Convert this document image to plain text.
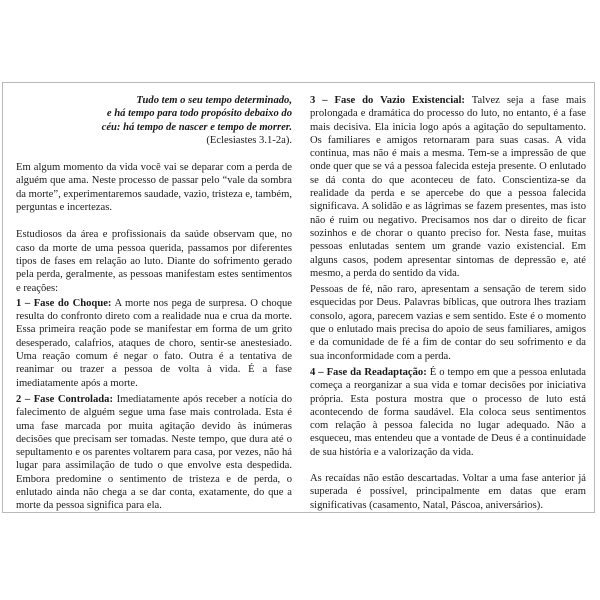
Tudo tem o seu tempo determinado,
e há tempo para todo propósito debaixo do
céu: há tempo de nascer e tempo de morrer.
(Eclesiastes 3.1-2a).

Em algum momento da vida você vai se deparar com a perda de alguém que ama. Neste processo de passar pelo “vale da sombra da morte”, experimentaremos saudade, vazio, tristeza e, também, perguntas e incertezas.

Estudiosos da área e profissionais da saúde observam que, no caso da morte de uma pessoa querida, passamos por diferentes tipos de fases em relação ao luto. Diante do sofrimento gerado pela perda, geralmente, as pessoas manifestam estes sentimentos e reações:

1 – Fase do Choque: A morte nos pega de surpresa. O choque resulta do confronto direto com a realidade nua e crua da morte. Essa primeira reação pode se manifestar em forma de um grito desesperado, calafrios, ataques de choro, sentir-se anestesiado. Uma reação comum é negar o fato. Outra é a tentativa de reanimar ou trazer a pessoa de volta à vida. É a fase imediatamente após a morte.

2 – Fase Controlada: Imediatamente após receber a notícia do falecimento de alguém segue uma fase mais controlada. Esta é uma fase marcada por muita agitação devido às inúmeras decisões que precisam ser tomadas. Neste tempo, que dura até o sepultamento e os parentes voltarem para casa, por vezes, não há lugar para assimilação de tudo o que envolve esta despedida. Embora predomine o sentimento de tristeza e de perda, o enlutado ainda não chega a se dar conta, exatamente, do que a morte da pessoa significa para ela.

3 – Fase do Vazio Existencial: Talvez seja a fase mais prolongada e dramática do processo do luto, no entanto, é a fase mais decisiva. Ela inicia logo após a agitação do sepultamento. Os familiares e amigos retornaram para suas casas. A vida continua, mas não é mais a mesma. Tem-se a impressão de que onde quer que se vá a pessoa falecida esteja presente. O enlutado se dá conta do que aconteceu de fato. Conscientiza-se da realidade da perda e se apercebe do que a pessoa falecida significava. A solidão e as lágrimas se fazem presentes, mas isto não é ruim ou negativo. Precisamos nos dar o direito de ficar sozinhos e de chorar o quanto preciso for. Nesta fase, muitas pessoas enlutadas sentem um grande vazio existencial. Em alguns casos, podem apresentar sintomas de depressão e, até mesmo, a perda do sentido da vida.

Pessoas de fé, não raro, apresentam a sensação de terem sido esquecidas por Deus. Palavras bíblicas, que outrora lhes traziam consolo, agora, parecem vazias e sem sentido. Este é o momento que o enlutado mais precisa do apoio de seus familiares, amigos e da comunidade de fé a fim de contar do seu sofrimento e da sua inconformidade com a perda.

4 – Fase da Readaptação: É o tempo em que a pessoa enlutada começa a reorganizar a sua vida e tomar decisões por iniciativa própria. Esta postura mostra que o processo de luto está acontecendo de forma saudável. Ela coloca seus sentimentos com relação à pessoa falecida no lugar adequado. Não a esqueceu, mas entendeu que a vontade de Deus é a continuidade de sua história e a valorização da vida.

As recaídas não estão descartadas. Voltar a uma fase anterior já superada é possível, principalmente em datas que eram significativas (casamento, Natal, Páscoa, aniversários).
